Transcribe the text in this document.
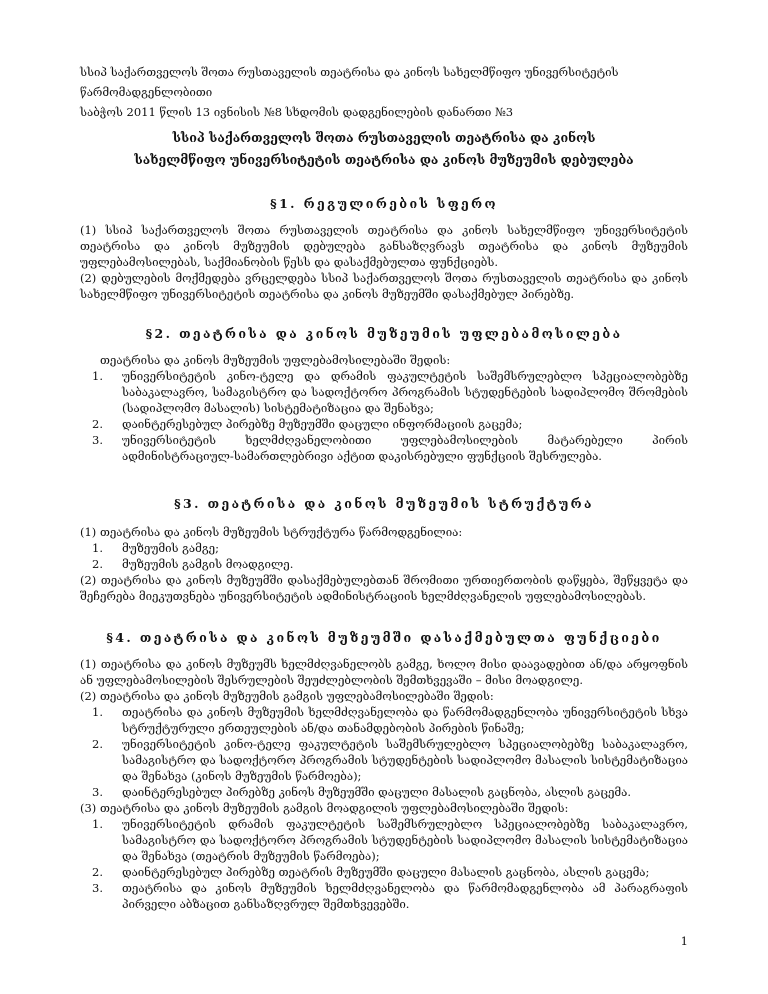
სსიპ საქართველოს შოთა რუსთაველის თეატრისა და კინოს სახელმწიფო უნივერსიტეტის წარმომადგენლობითი
საბჭოს 2011 წლის 13 ივნისის №8 სხდომის დადგენილების დანართი №3
სსიპ საქართველოს შოთა რუსთაველის თეატრისა და კინოს
სახელმწიფო უნივერსიტეტის თეატრისა და კინოს მუზეუმის დებულება
§1. რეგულირების სფერო
(1) სსიპ საქართველოს შოთა რუსთაველის თეატრისა და კინოს სახელმწიფო უნივერსიტეტის თეატრისა და კინოს მუზეუმის დებულება განსაზღვრავს თეატრისა და კინოს მუზეუმის უფლებამოსილებას, საქმიანობის წესს და დასაქმებულთა ფუნქციებს.
(2) დებულების მოქმედება ვრცელდება სსიპ საქართველოს შოთა რუსთაველის თეატრისა და კინოს სახელმწიფო უნივერსიტეტის თეატრისა და კინოს მუზეუმში დასაქმებულ პირებზე.
§2. თეატრისა და კინოს მუზეუმის უფლებამოსილება
თეატრისა და კინოს მუზეუმის უფლებამოსილებაში შედის:
1. უნივერსიტეტის კინო-ტელე და დრამის ფაკულტეტის საშემსრულებლო სპეციალობებზე საბაკალავრო, სამაგისტრო და სადოქტორო პროგრამის სტუდენტების სადიპლომო შრომების (სადიპლომო მასალის) სისტემატიზაცია და შენახვა;
2. დაინტერესებულ პირებზე მუზეუმში დაცული ინფორმაციის გაცემა;
3. უნივერსიტეტის ხელმძღვანელობითი უფლებამოსილების მატარებელი პირის ადმინისტრაციულ-სამართლებრივი აქტით დაკისრებული ფუნქციის შესრულება.
§3. თეატრისა და კინოს მუზეუმის სტრუქტურა
(1) თეატრისა და კინოს მუზეუმის სტრუქტურა წარმოდგენილია:
1. მუზეუმის გამგე;
2. მუზეუმის გამგის მოადგილე.
(2) თეატრისა და კინოს მუზეუმში დასაქმებულებთან შრომითი ურთიერთობის დაწყება, შეწყვეტა და შეჩერება მიეკუთვნება უნივერსიტეტის ადმინისტრაციის ხელმძღვანელის უფლებამოსილებას.
§4. თეატრისა და კინოს მუზეუმში დასაქმებულთა ფუნქციები
(1) თეატრისა და კინოს მუზეუმს ხელმძღვანელობს გამგე, ხოლო მისი დაავადებით ან/და არყოფნის ან უფლებამოსილების შესრულების შეუძლებლობის შემთხვევაში – მისი მოადგილე.
(2) თეატრისა და კინოს მუზეუმის გამგის უფლებამოსილებაში შედის:
1. თეატრისა და კინოს მუზეუმის ხელმძღვანელობა და წარმომადგენლობა უნივერსიტეტის სხვა სტრუქტურული ერთეულების ან/და თანამდებობის პირების წინაშე;
2. უნივერსიტეტის კინო-ტელე ფაკულტეტის საშემსრულებლო სპეციალობებზე საბაკალავრო, სამაგისტრო და სადოქტორო პროგრამის სტუდენტების სადიპლომო მასალის სისტემატიზაცია და შენახვა (კინოს მუზეუმის წარმოება);
3. დაინტერესებულ პირებზე კინოს მუზეუმში დაცული მასალის გაცნობა, ასლის გაცემა.
(3) თეატრისა და კინოს მუზეუმის გამგის მოადგილის უფლებამოსილებაში შედის:
1. უნივერსიტეტის დრამის ფაკულტეტის საშემსრულებლო სპეციალობებზე საბაკალავრო, სამაგისტრო და სადოქტორო პროგრამის სტუდენტების სადიპლომო მასალის სისტემატიზაცია და შენახვა (თეატრის მუზეუმის წარმოება);
2. დაინტერესებულ პირებზე თეატრის მუზეუმში დაცული მასალის გაცნობა, ასლის გაცემა;
3. თეატრისა და კინოს მუზეუმის ხელმძღვანელობა და წარმომადგენლობა ამ პარაგრაფის პირველი აბზაცით განსაზღვრულ შემთხვევებში.
1
